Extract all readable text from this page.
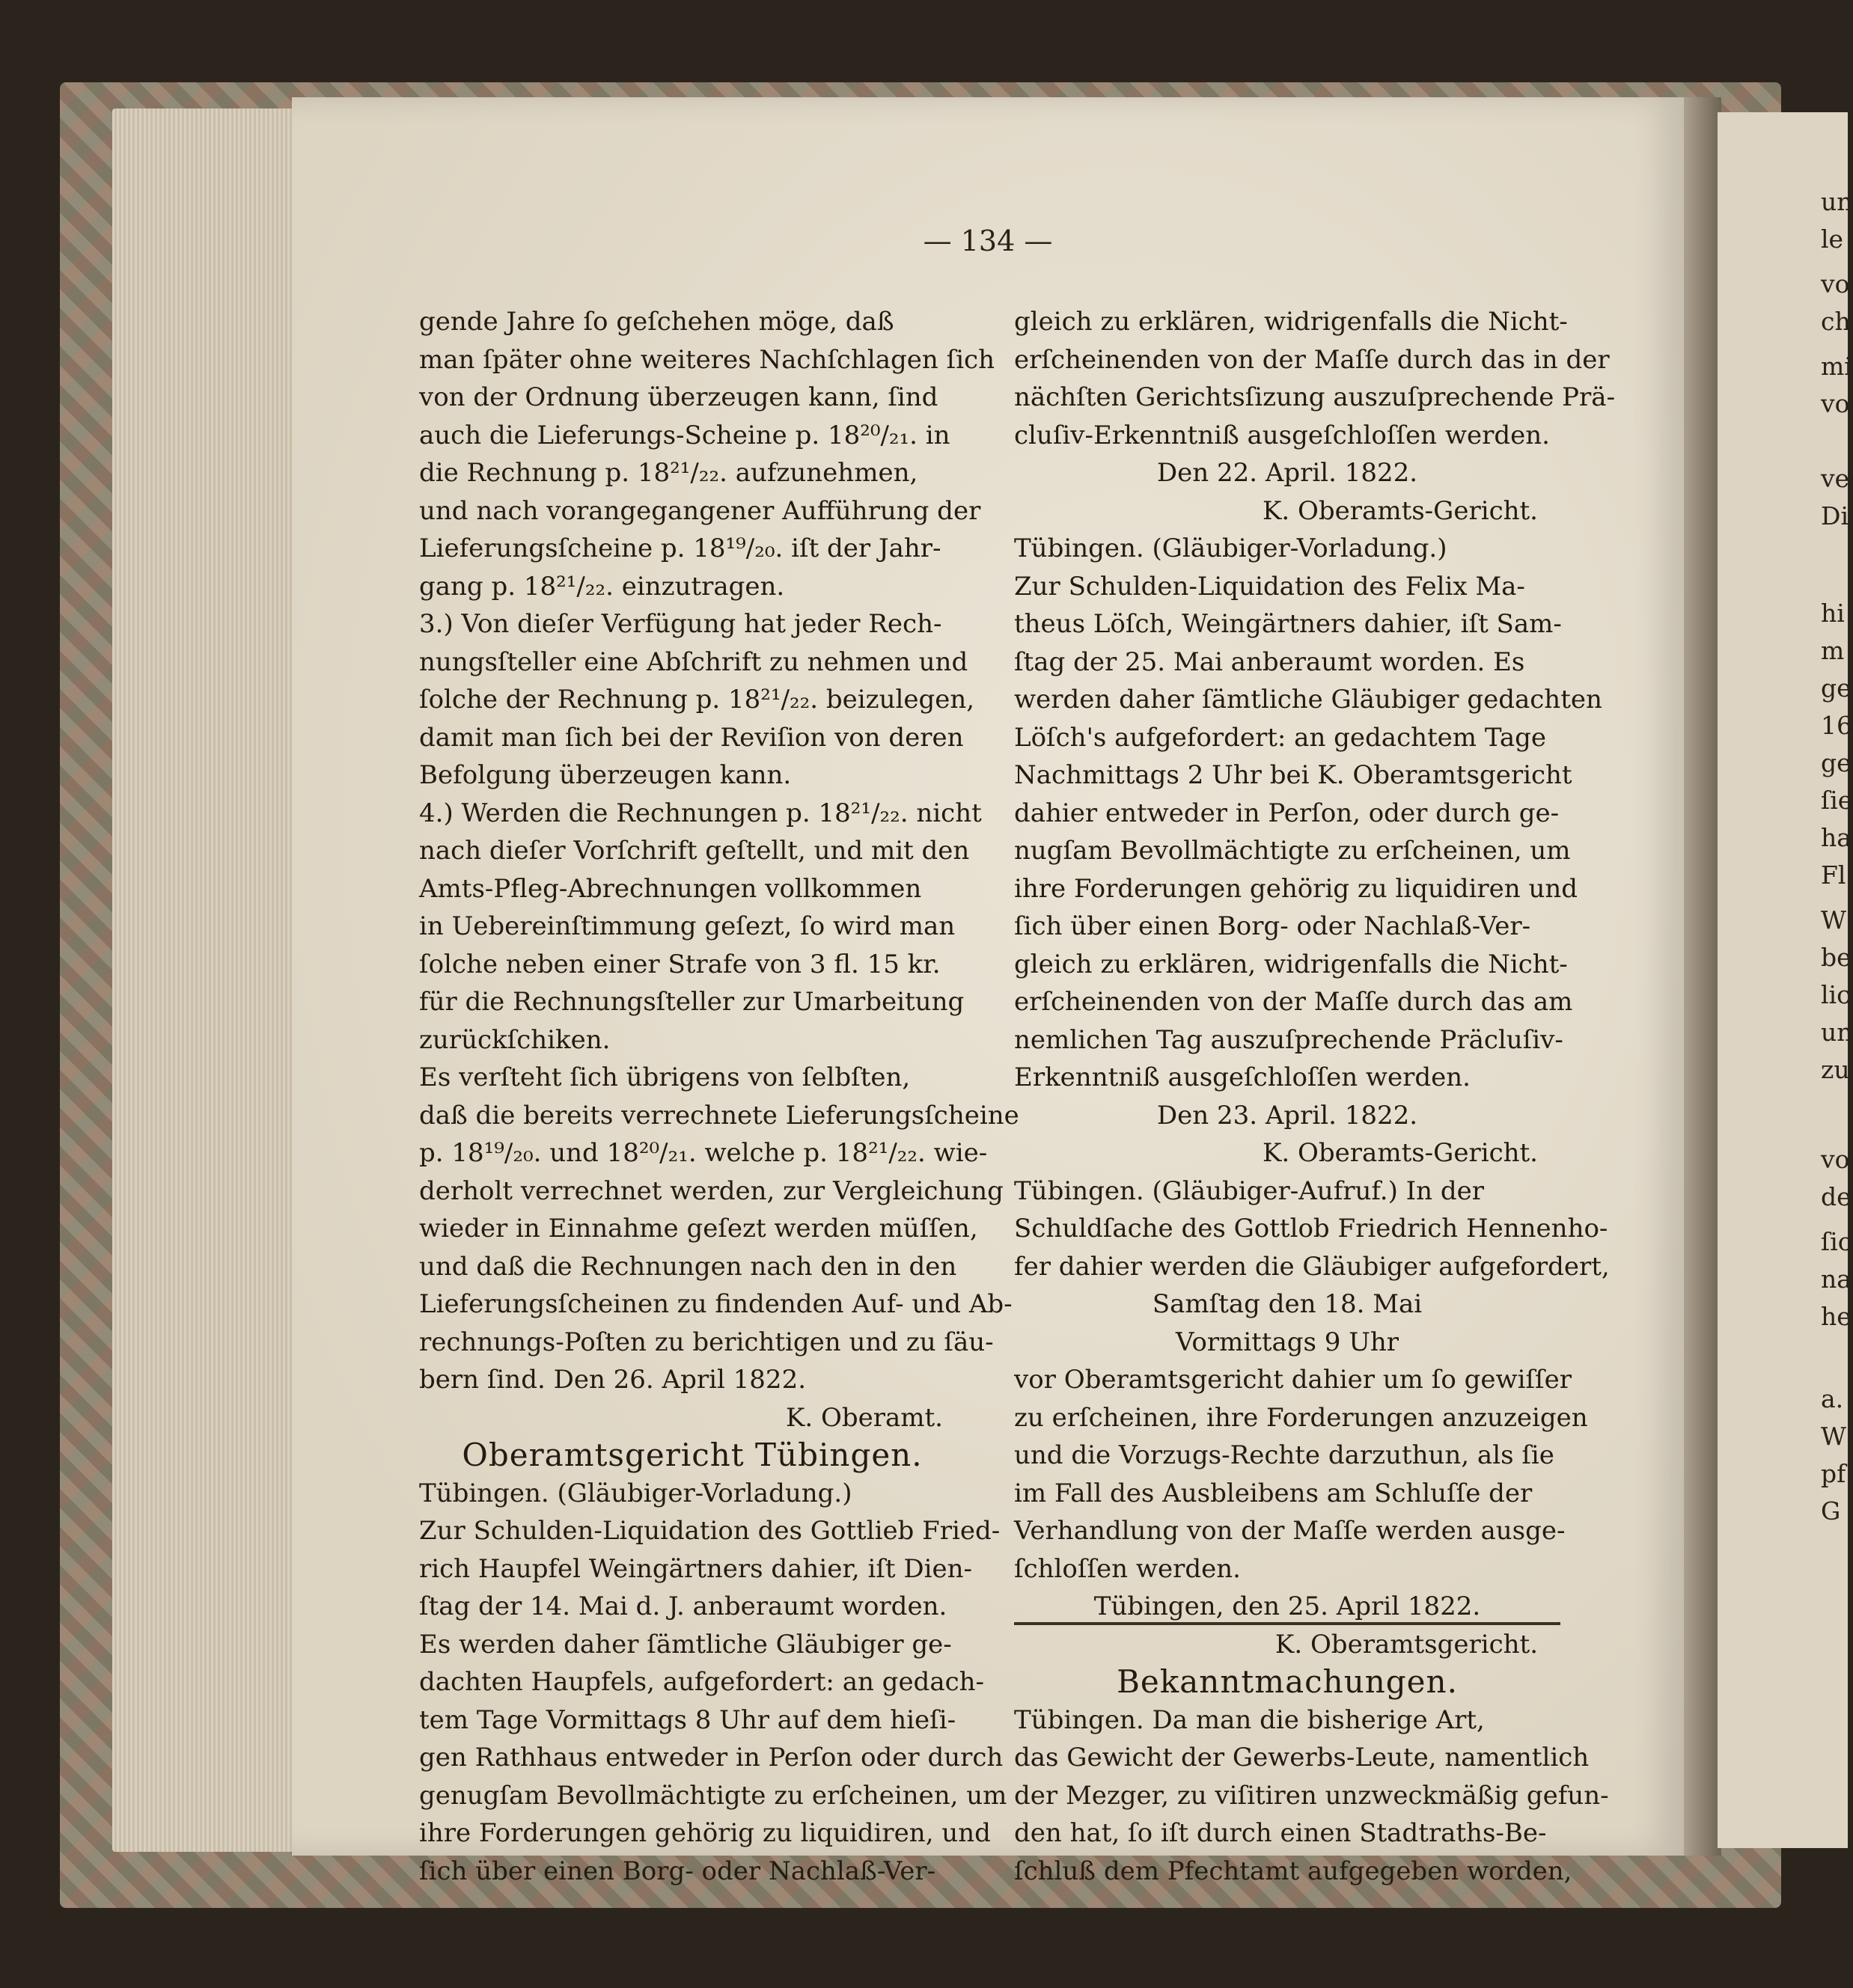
un
le
vo
ch
mi
vo
ve
Di
hi
m
ge
16
ge
ſie
ha
Fl
W
be
lic
un
zu
vo
de
ſic
na
he
a.
W
pf
G
— 134 —
gende Jahre ſo geſchehen möge, daß
man ſpäter ohne weiteres Nachſchlagen ſich
von der Ordnung überzeugen kann, ſind
auch die Lieferungs-Scheine p. 18²⁰/₂₁. in
die Rechnung p. 18²¹/₂₂. aufzunehmen,
und nach vorangegangener Aufführung der
Lieferungsſcheine p. 18¹⁹/₂₀. iſt der Jahr-
gang p. 18²¹/₂₂. einzutragen.
3.) Von dieſer Verfügung hat jeder Rech-
nungsſteller eine Abſchrift zu nehmen und
ſolche der Rechnung p. 18²¹/₂₂. beizulegen,
damit man ſich bei der Reviſion von deren
Befolgung überzeugen kann.
4.) Werden die Rechnungen p. 18²¹/₂₂. nicht
nach dieſer Vorſchrift geſtellt, und mit den
Amts-Pfleg-Abrechnungen vollkommen
in Uebereinſtimmung geſezt, ſo wird man
ſolche neben einer Strafe von 3 fl. 15 kr.
für die Rechnungsſteller zur Umarbeitung
zurückſchiken.
Es verſteht ſich übrigens von ſelbſten,
daß die bereits verrechnete Lieferungsſcheine
p. 18¹⁹/₂₀. und 18²⁰/₂₁. welche p. 18²¹/₂₂. wie-
derholt verrechnet werden, zur Vergleichung
wieder in Einnahme geſezt werden müſſen,
und daß die Rechnungen nach den in den
Lieferungsſcheinen zu findenden Auf- und Ab-
rechnungs-Poſten zu berichtigen und zu ſäu-
bern ſind. Den 26. April 1822.
K. Oberamt.
Oberamtsgericht Tübingen.
Tübingen. (Gläubiger-Vorladung.)
Zur Schulden-Liquidation des Gottlieb Fried-
rich Haupfel Weingärtners dahier, iſt Dien-
ſtag der 14. Mai d. J. anberaumt worden.
Es werden daher ſämtliche Gläubiger ge-
dachten Haupfels, aufgefordert: an gedach-
tem Tage Vormittags 8 Uhr auf dem hieſi-
gen Rathhaus entweder in Perſon oder durch
genugſam Bevollmächtigte zu erſcheinen, um
ihre Forderungen gehörig zu liquidiren, und
ſich über einen Borg- oder Nachlaß-Ver-
gleich zu erklären, widrigenfalls die Nicht-
erſcheinenden von der Maſſe durch das in der
nächſten Gerichtsſizung auszuſprechende Prä-
cluſiv-Erkenntniß ausgeſchloſſen werden.
Den 22. April. 1822.
K. Oberamts-Gericht.
Tübingen. (Gläubiger-Vorladung.)
Zur Schulden-Liquidation des Felix Ma-
theus Löſch, Weingärtners dahier, iſt Sam-
ſtag der 25. Mai anberaumt worden. Es
werden daher ſämtliche Gläubiger gedachten
Löſch's aufgefordert: an gedachtem Tage
Nachmittags 2 Uhr bei K. Oberamtsgericht
dahier entweder in Perſon, oder durch ge-
nugſam Bevollmächtigte zu erſcheinen, um
ihre Forderungen gehörig zu liquidiren und
ſich über einen Borg- oder Nachlaß-Ver-
gleich zu erklären, widrigenfalls die Nicht-
erſcheinenden von der Maſſe durch das am
nemlichen Tag auszuſprechende Präcluſiv-
Erkenntniß ausgeſchloſſen werden.
Den 23. April. 1822.
K. Oberamts-Gericht.
Tübingen. (Gläubiger-Aufruf.) In der
Schuldſache des Gottlob Friedrich Hennenho-
fer dahier werden die Gläubiger aufgefordert,
Samſtag den 18. Mai
Vormittags 9 Uhr
vor Oberamtsgericht dahier um ſo gewiſſer
zu erſcheinen, ihre Forderungen anzuzeigen
und die Vorzugs-Rechte darzuthun, als ſie
im Fall des Ausbleibens am Schluſſe der
Verhandlung von der Maſſe werden ausge-
ſchloſſen werden.
Tübingen, den 25. April 1822.
K. Oberamtsgericht.
Bekanntmachungen.
Tübingen. Da man die bisherige Art,
das Gewicht der Gewerbs-Leute, namentlich
der Mezger, zu viſitiren unzweckmäßig gefun-
den hat, ſo iſt durch einen Stadtraths-Be-
ſchluß dem Pfechtamt aufgegeben worden,
